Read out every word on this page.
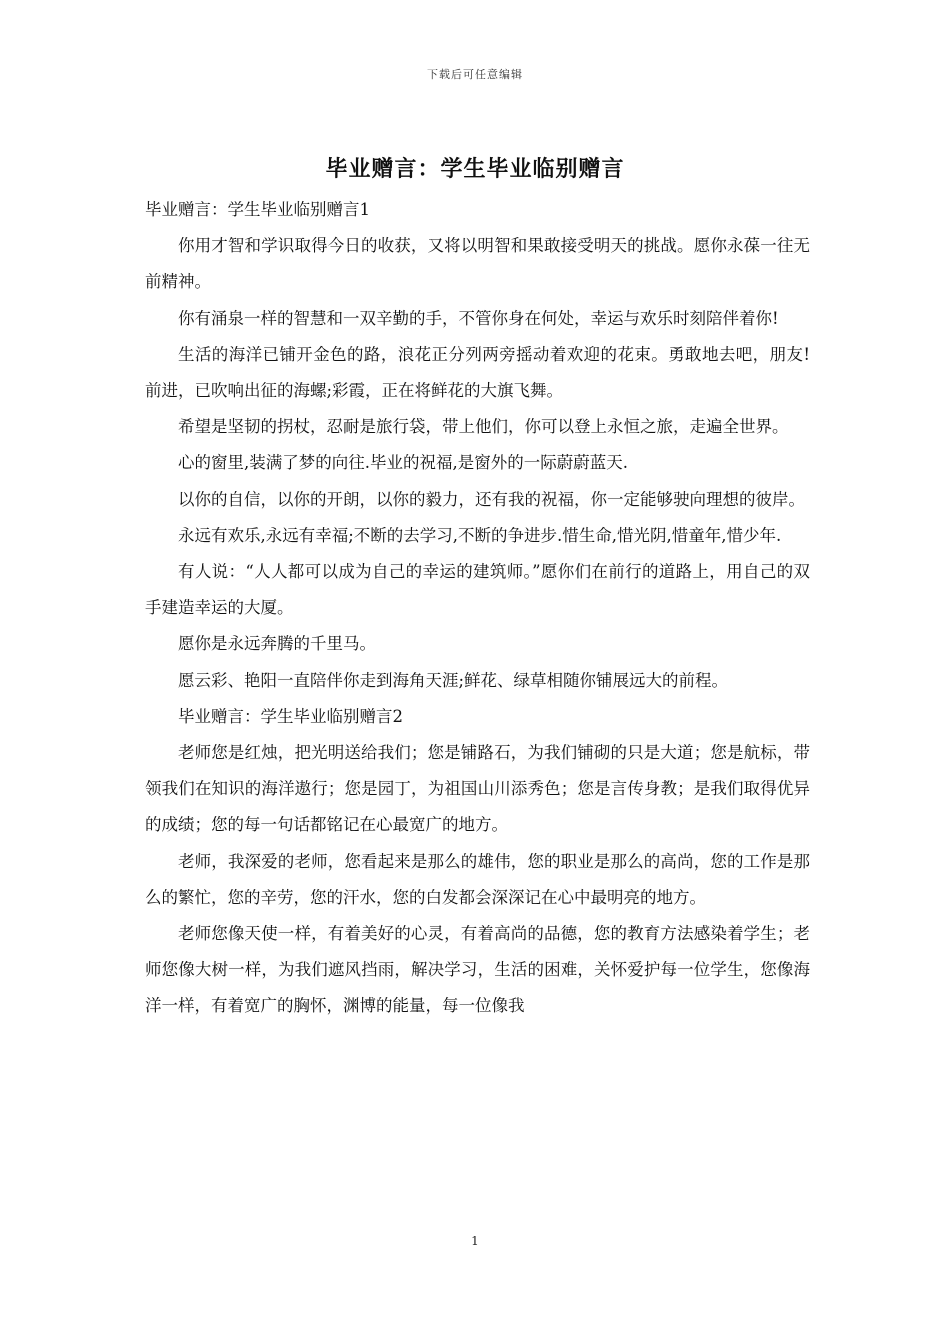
下载后可任意编辑
毕业赠言：学生毕业临别赠言

毕业赠言：学生毕业临别赠言1

你用才智和学识取得今日的收获，又将以明智和果敢接受明天的挑战。愿你永葆一往无前精神。

你有涌泉一样的智慧和一双辛勤的手，不管你身在何处，幸运与欢乐时刻陪伴着你!

生活的海洋已铺开金色的路，浪花正分列两旁摇动着欢迎的花束。勇敢地去吧，朋友!前进，已吹响出征的海螺;彩霞，正在将鲜花的大旗飞舞。

希望是坚韧的拐杖，忍耐是旅行袋，带上他们，你可以登上永恒之旅，走遍全世界。

心的窗里,装满了梦的向往.毕业的祝福,是窗外的一际蔚蔚蓝天.

以你的自信，以你的开朗，以你的毅力，还有我的祝福，你一定能够驶向理想的彼岸。

永远有欢乐,永远有幸福;不断的去学习,不断的争进步.惜生命,惜光阴,惜童年,惜少年.

有人说：“人人都可以成为自己的幸运的建筑师。”愿你们在前行的道路上，用自己的双手建造幸运的大厦。

愿你是永远奔腾的千里马。

愿云彩、艳阳一直陪伴你走到海角天涯;鲜花、绿草相随你铺展远大的前程。

毕业赠言：学生毕业临别赠言2

老师您是红烛，把光明送给我们；您是铺路石，为我们铺砌的只是大道；您是航标，带领我们在知识的海洋遨行；您是园丁，为祖国山川添秀色；您是言传身教；是我们取得优异的成绩；您的每一句话都铭记在心最宽广的地方。

老师，我深爱的老师，您看起来是那么的雄伟，您的职业是那么的高尚，您的工作是那么的繁忙，您的辛劳，您的汗水，您的白发都会深深记在心中最明亮的地方。

老师您像天使一样，有着美好的心灵，有着高尚的品德，您的教育方法感染着学生；老师您像大树一样，为我们遮风挡雨，解决学习，生活的困难，关怀爱护每一位学生，您像海洋一样，有着宽广的胸怀，渊博的能量，每一位像我

1
